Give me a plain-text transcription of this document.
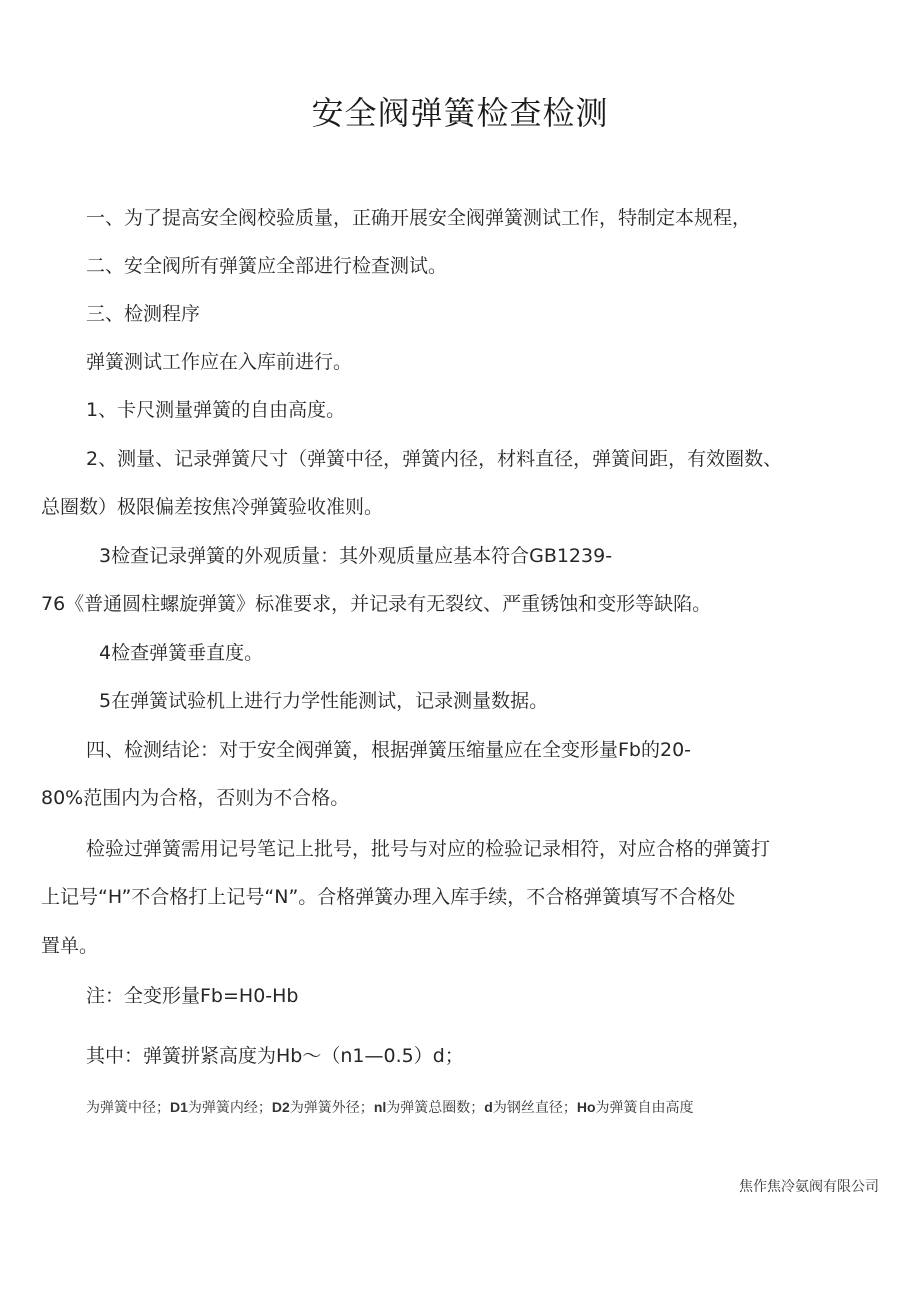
安全阀弹簧检查检测
一、为了提高安全阀校验质量，正确开展安全阀弹簧测试工作，特制定本规程，
二、安全阀所有弹簧应全部进行检查测试。
三、检测程序
弹簧测试工作应在入库前进行。
1、卡尺测量弹簧的自由高度。
2、测量、记录弹簧尺寸（弹簧中径，弹簧内径，材料直径，弹簧间距，有效圈数、
总圈数）极限偏差按焦冷弹簧验收准则。
3检查记录弹簧的外观质量：其外观质量应基本符合GB1239-
76《普通圆柱螺旋弹簧》标准要求，并记录有无裂纹、严重锈蚀和变形等缺陷。
4检查弹簧垂直度。
5在弹簧试验机上进行力学性能测试，记录测量数据。
四、检测结论：对于安全阀弹簧，根据弹簧压缩量应在全变形量Fb的20-
80%范围内为合格，否则为不合格。
检验过弹簧需用记号笔记上批号，批号与对应的检验记录相符，对应合格的弹簧打
上记号“H”不合格打上记号“N”。合格弹簧办理入库手续，不合格弹簧填写不合格处
置单。
注：全变形量Fb=H0-Hb
其中：弹簧拼紧高度为Hb～（n1—0.5）d；
为弹簧中径；D1为弹簧内经；D2为弹簧外径；nl为弹簧总圈数；d为钢丝直径；Ho为弹簧自由高度
焦作焦冷氨阀有限公司
